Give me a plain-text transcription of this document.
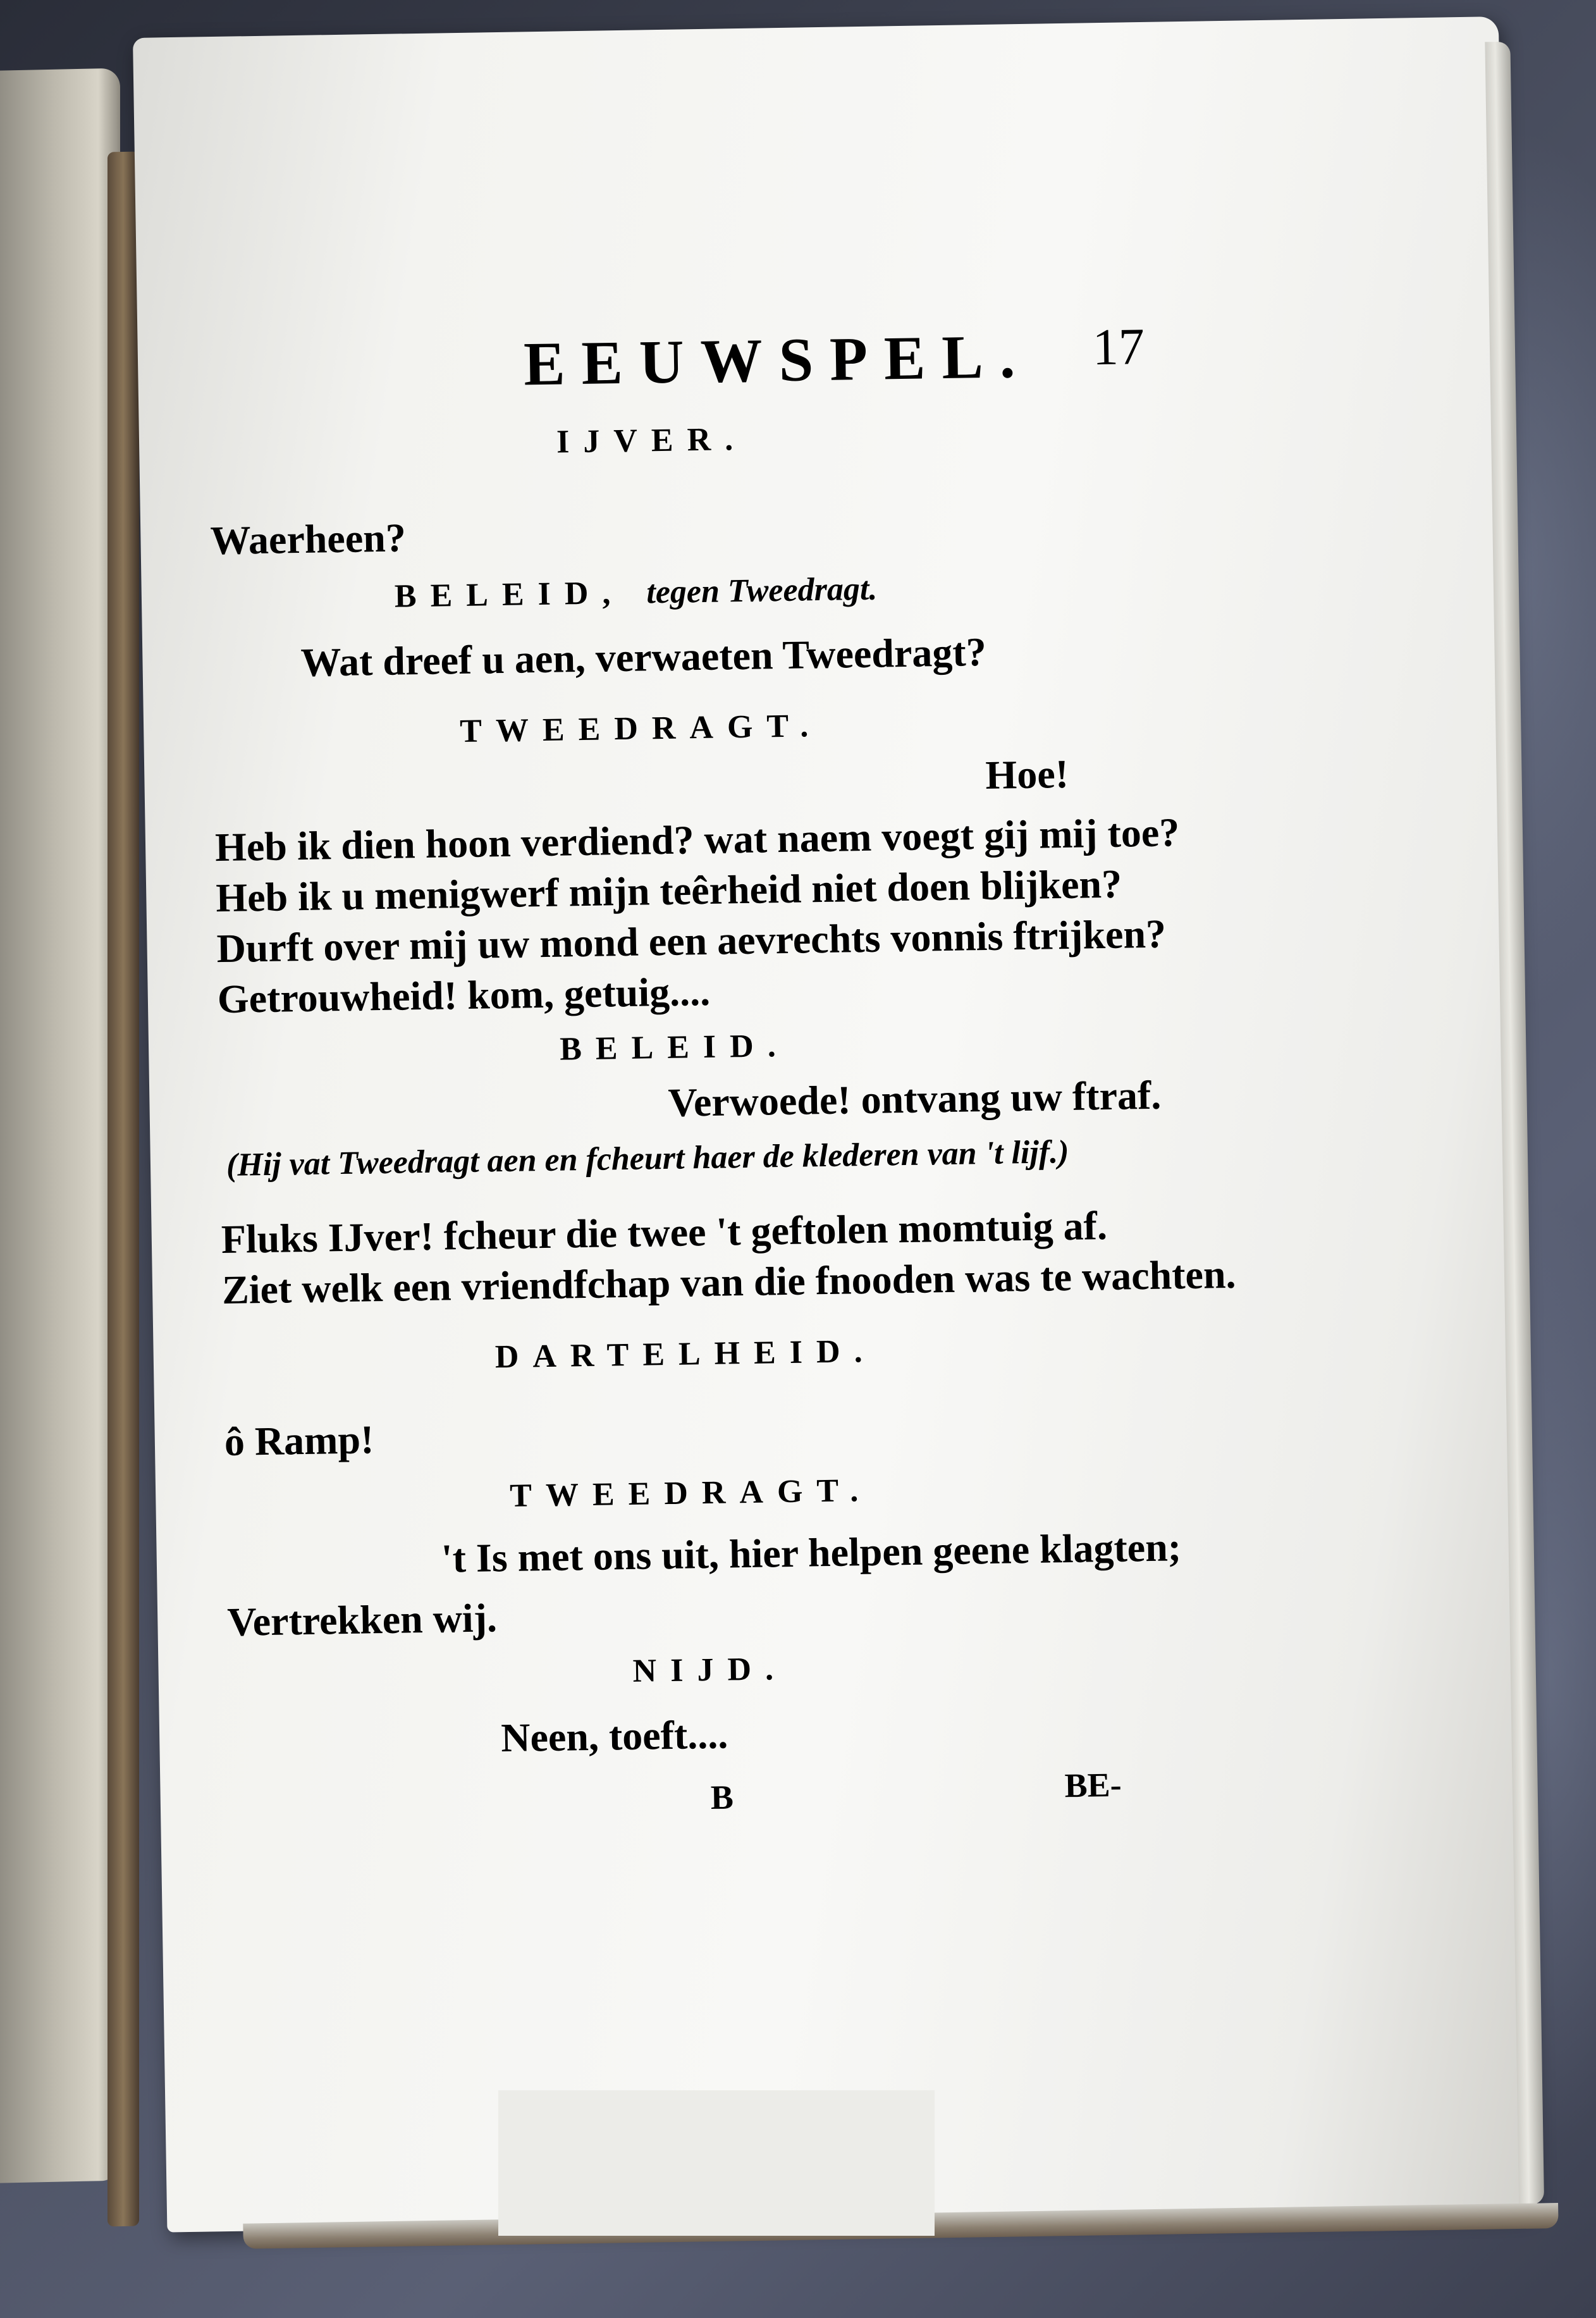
EEUWSPEL. 17
IJVER.
Waerheen?
BELEID, tegen Tweedragt.
Wat dreef u aen, verwaeten Tweedragt?
TWEEDRAGT.
Hoe!
Heb ik dien hoon verdiend? wat naem voegt gij mij toe?
Heb ik u menigwerf mijn teêrheid niet doen blijken?
Durft over mij uw mond een aevrechts vonnis ftrijken?
Getrouwheid! kom, getuig....
BELEID.
Verwoede! ontvang uw ftraf.
(Hij vat Tweedragt aen en fcheurt haer de klederen van 't lijf.)
Fluks IJver! fcheur die twee 't geftolen momtuig af.
Ziet welk een vriendfchap van die fnooden was te wachten.
DARTELHEID.
ô Ramp!
TWEEDRAGT.
't Is met ons uit, hier helpen geene klagten;
Vertrekken wij.
NIJD.
Neen, toeft....
B	BE-
